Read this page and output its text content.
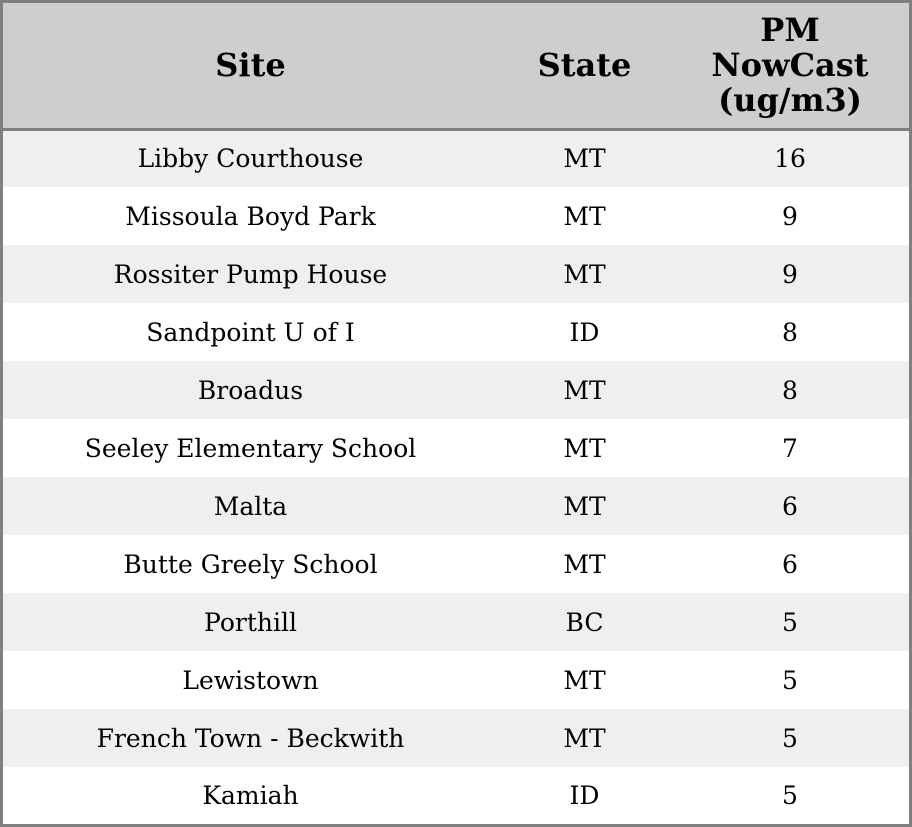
Site	State	PM NowCast (ug/m3)

Libby Courthouse	MT	16
Missoula Boyd Park	MT	9
Rossiter Pump House	MT	9
Sandpoint U of I	ID	8
Broadus	MT	8
Seeley Elementary School	MT	7
Malta	MT	6
Butte Greely School	MT	6
Porthill	BC	5
Lewistown	MT	5
French Town - Beckwith	MT	5
Kamiah	ID	5
